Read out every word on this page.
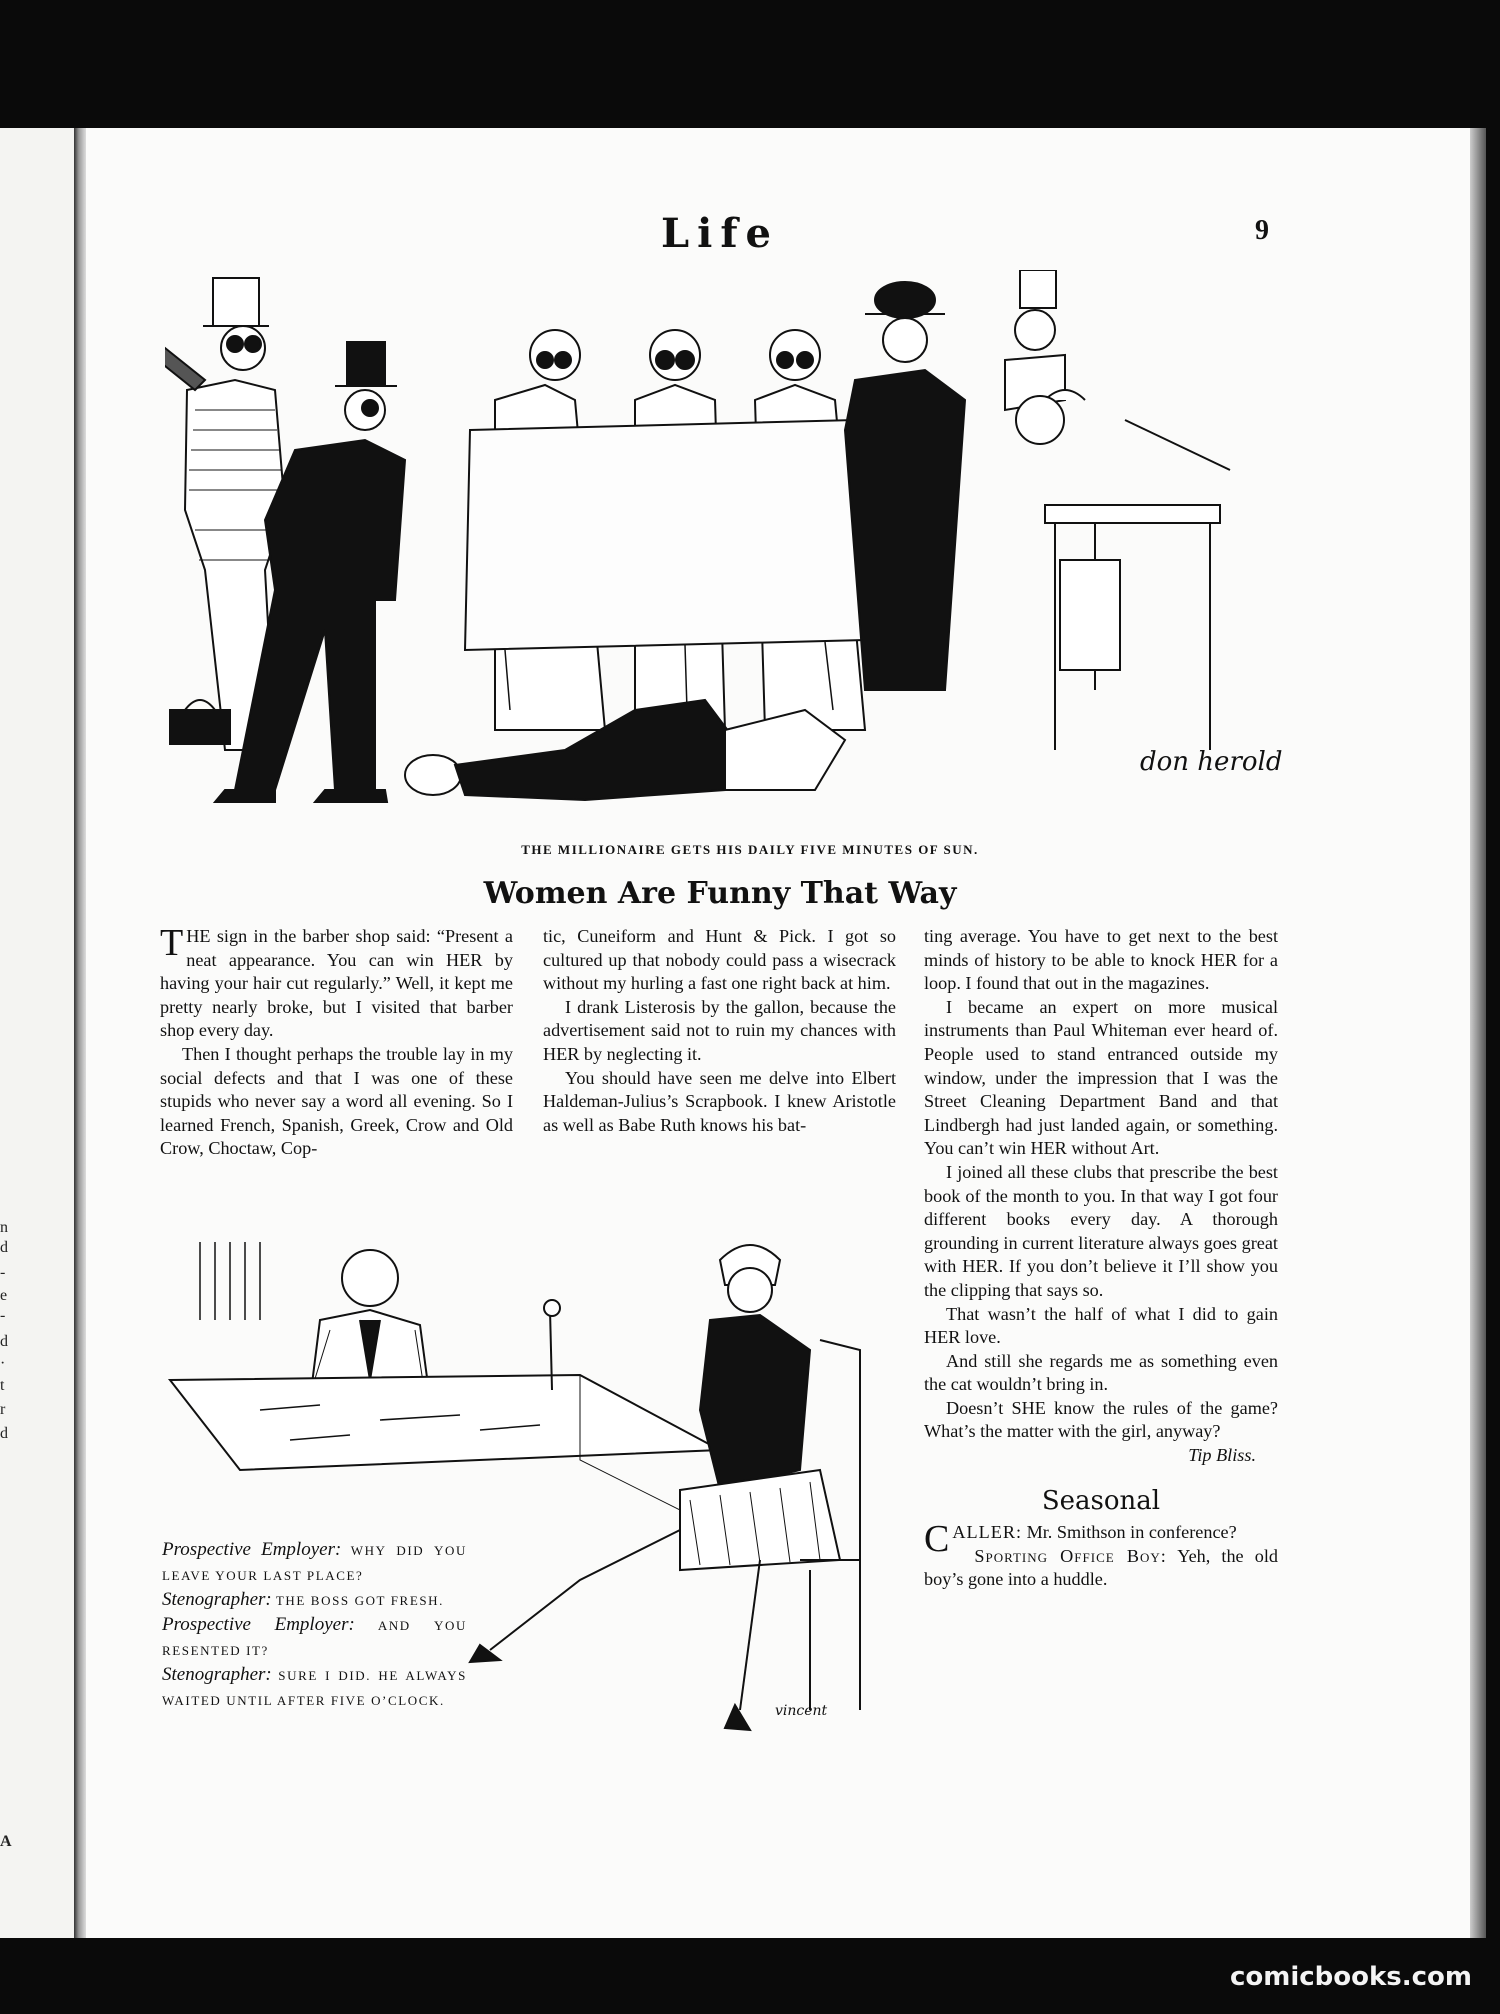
n
d
-
e
-
d
·
t
r
d
A
Life	9
don herold
THE MILLIONAIRE GETS HIS DAILY FIVE MINUTES OF SUN.
Women Are Funny That Way

THE sign in the barber shop said: “Present a neat appearance. You can win HER by having your hair cut regularly.” Well, it kept me pretty nearly broke, but I visited that barber shop every day.

Then I thought perhaps the trouble lay in my social defects and that I was one of these stupids who never say a word all evening. So I learned French, Spanish, Greek, Crow and Old Crow, Choctaw, Cop-

tic, Cuneiform and Hunt & Pick. I got so cultured up that nobody could pass a wisecrack without my hurling a fast one right back at him.

I drank Listerosis by the gallon, because the advertisement said not to ruin my chances with HER by neglecting it.

You should have seen me delve into Elbert Haldeman-Julius’s Scrapbook. I knew Aristotle as well as Babe Ruth knows his bat-

ting average. You have to get next to the best minds of history to be able to knock HER for a loop. I found that out in the magazines.

I became an expert on more musical instruments than Paul Whiteman ever heard of. People used to stand entranced outside my window, under the impression that I was the Street Cleaning Department Band and that Lindbergh had just landed again, or something. You can’t win HER without Art.

I joined all these clubs that prescribe the best book of the month to you. In that way I got four different books every day. A thorough grounding in current literature always goes great with HER. If you don’t believe it I’ll show you the clipping that says so.

That wasn’t the half of what I did to gain HER love.

And still she regards me as something even the cat wouldn’t bring in.

Doesn’t SHE know the rules of the game? What’s the matter with the girl, anyway?

Tip Bliss.

Seasonal

CALLER: Mr. Smithson in conference?

Sporting Office Boy: Yeh, the old boy’s gone into a huddle.

vincent

Prospective Employer: WHY DID YOU LEAVE YOUR LAST PLACE?

Stenographer: THE BOSS GOT FRESH.

Prospective Employer: AND YOU RESENTED IT?

Stenographer: SURE I DID. HE ALWAYS WAITED UNTIL AFTER FIVE O’CLOCK.

comicbooks.com
